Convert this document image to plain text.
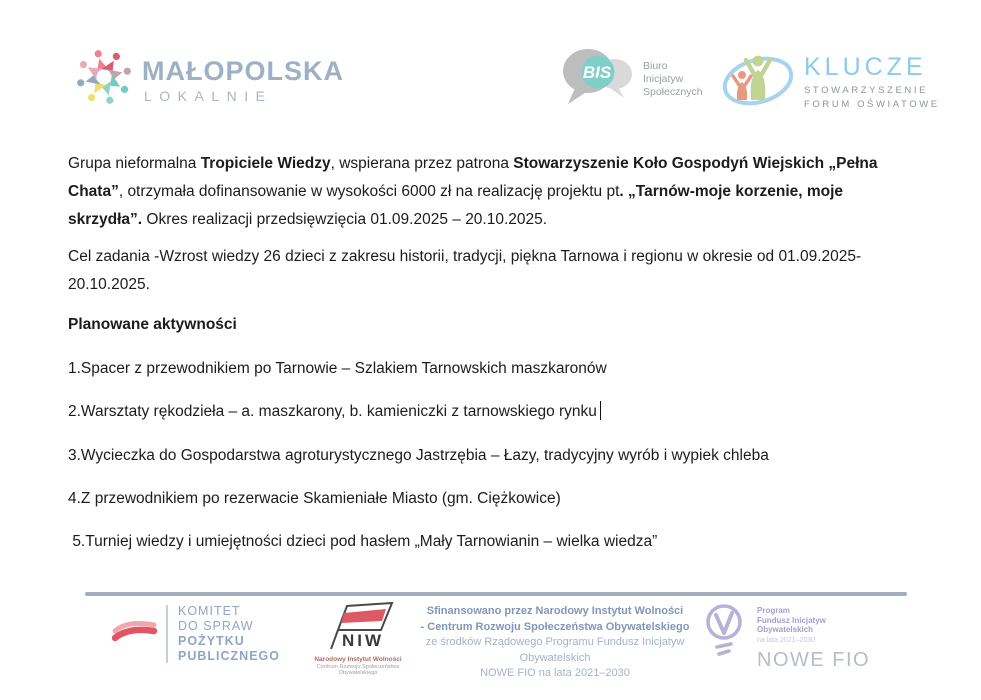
MAŁOPOLSKA
LOKALNIE
BIS	Biuro
Inicjatyw
Społecznych
KLUCZE
STOWARZYSZENIE
FORUM OŚWIATOWE
Grupa nieformalna Tropiciele Wiedzy, wspierana przez patrona Stowarzyszenie Koło Gospodyń Wiejskich „Pełna Chata”, otrzymała dofinansowanie w wysokości 6000 zł na realizację projektu pt. „Tarnów-moje korzenie, moje skrzydła”. Okres realizacji przedsięwzięcia 01.09.2025 – 20.10.2025.
Cel zadania -Wzrost wiedzy 26 dzieci z zakresu historii, tradycji, piękna Tarnowa i regionu w okresie od 01.09.2025-20.10.2025.
Planowane aktywności
1.Spacer z przewodnikiem po Tarnowie – Szlakiem Tarnowskich maszkaronów
2.Warsztaty rękodzieła – a. maszkarony, b. kamieniczki z tarnowskiego rynku
3.Wycieczka do Gospodarstwa agroturystycznego Jastrzębia – Łazy, tradycyjny wyrób i wypiek chleba
4.Z przewodnikiem po rezerwacie Skamieniałe Miasto (gm. Ciężkowice)
5.Turniej wiedzy i umiejętności dzieci pod hasłem „Mały Tarnowianin – wielka wiedza”
KOMITET
DO SPRAW
POŻYTKU
PUBLICZNEGO
NIW
Narodowy Instytut Wolności
Centrum Rozwoju Społeczeństwa Obywatelskiego
Sfinansowano przez Narodowy Instytut Wolności
- Centrum Rozwoju Społeczeństwa Obywatelskiego
ze środków Rządowego Programu Fundusz Inicjatyw Obywatelskich
NOWE FIO na lata 2021–2030
Program
Fundusz Inicjatyw
Obywatelskich
na lata 2021–2030
NOWE FIO
